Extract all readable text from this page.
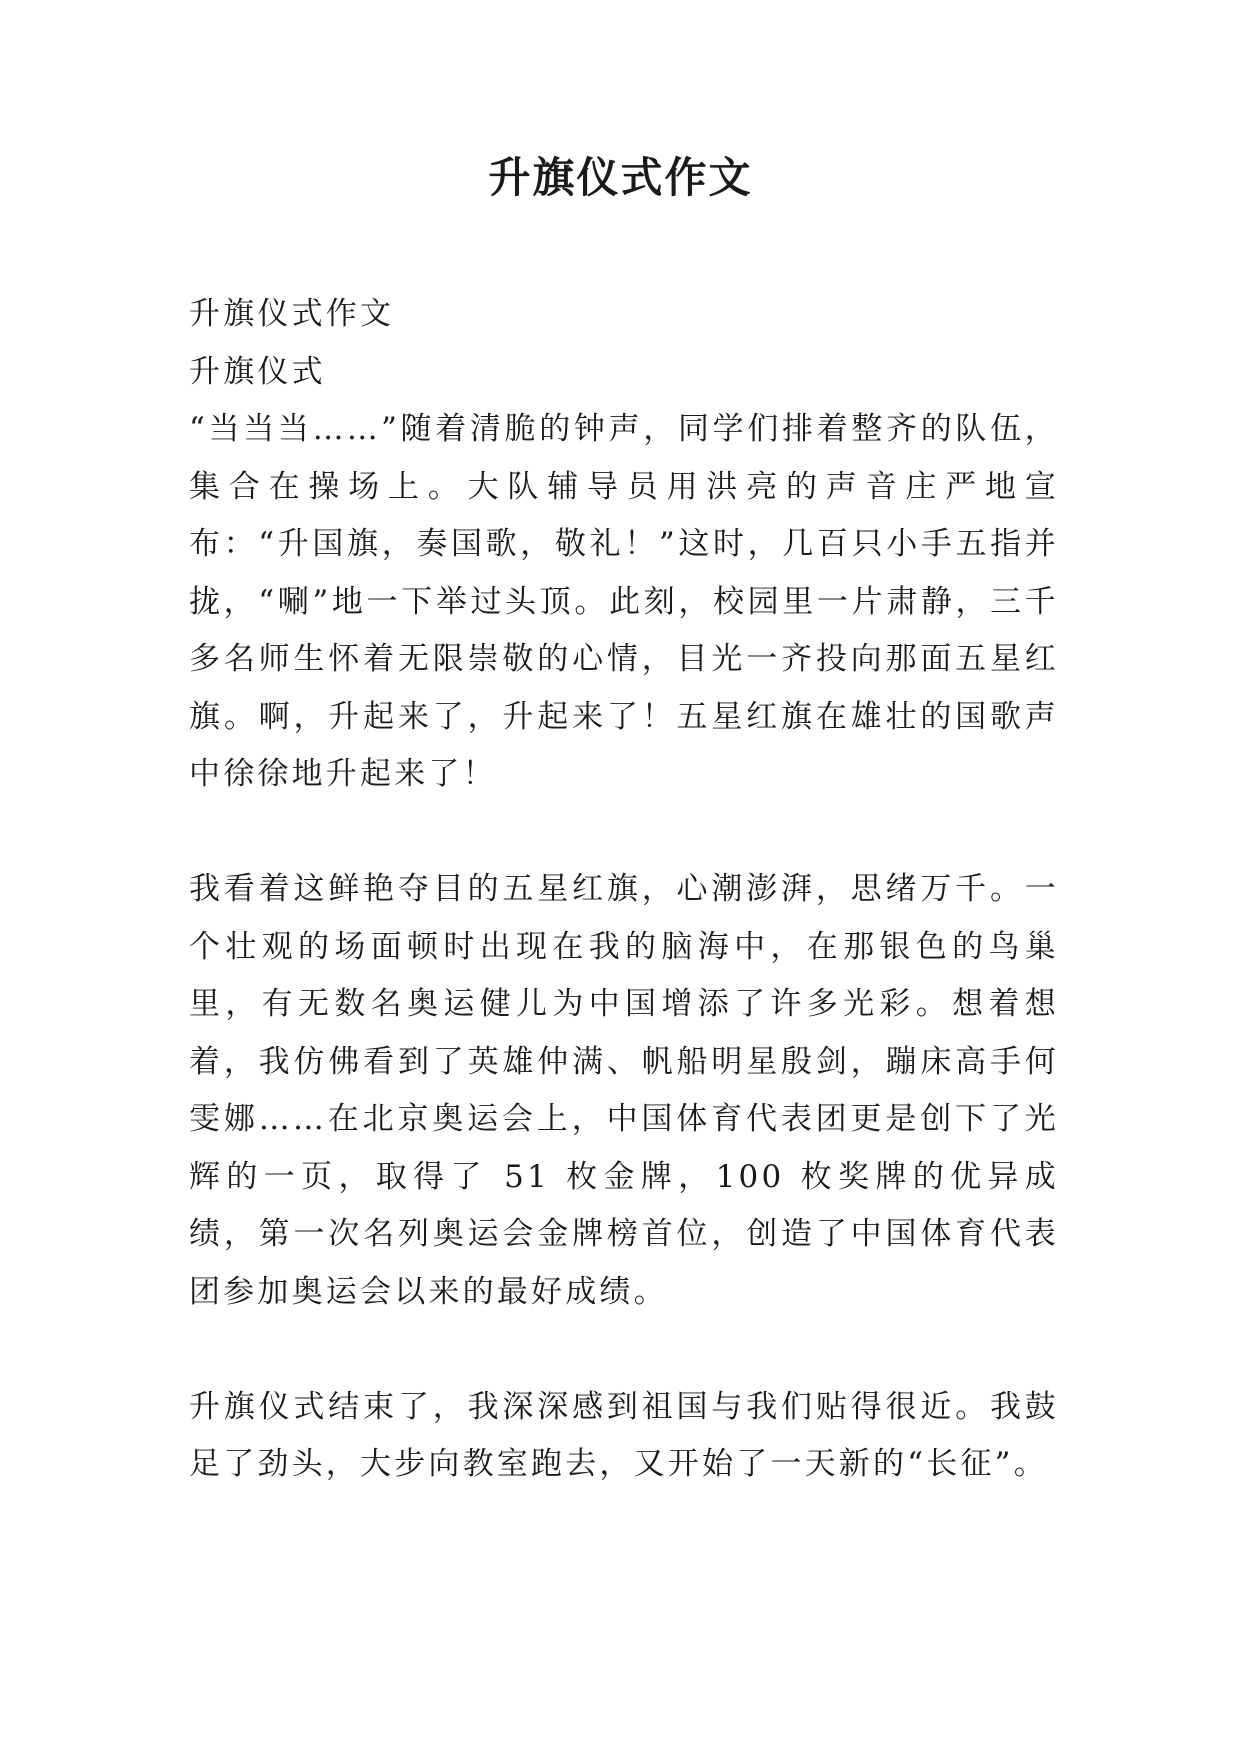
升旗仪式作文

升旗仪式作文

升旗仪式

“当当当……”随着清脆的钟声，同学们排着整齐的队伍，集合在操场上。大队辅导员用洪亮的声音庄严地宣布：“升国旗，奏国歌，敬礼！”这时，几百只小手五指并拢，“唰”地一下举过头顶。此刻，校园里一片肃静，三千多名师生怀着无限崇敬的心情，目光一齐投向那面五星红旗。啊，升起来了，升起来了！五星红旗在雄壮的国歌声中徐徐地升起来了！

我看着这鲜艳夺目的五星红旗，心潮澎湃，思绪万千。一个壮观的场面顿时出现在我的脑海中，在那银色的鸟巢里，有无数名奥运健儿为中国增添了许多光彩。想着想着，我仿佛看到了英雄仲满、帆船明星殷剑，蹦床高手何雯娜……在北京奥运会上，中国体育代表团更是创下了光辉的一页，取得了 51 枚金牌，100 枚奖牌的优异成绩，第一次名列奥运会金牌榜首位，创造了中国体育代表团参加奥运会以来的最好成绩。

升旗仪式结束了，我深深感到祖国与我们贴得很近。我鼓足了劲头，大步向教室跑去，又开始了一天新的“长征”。
